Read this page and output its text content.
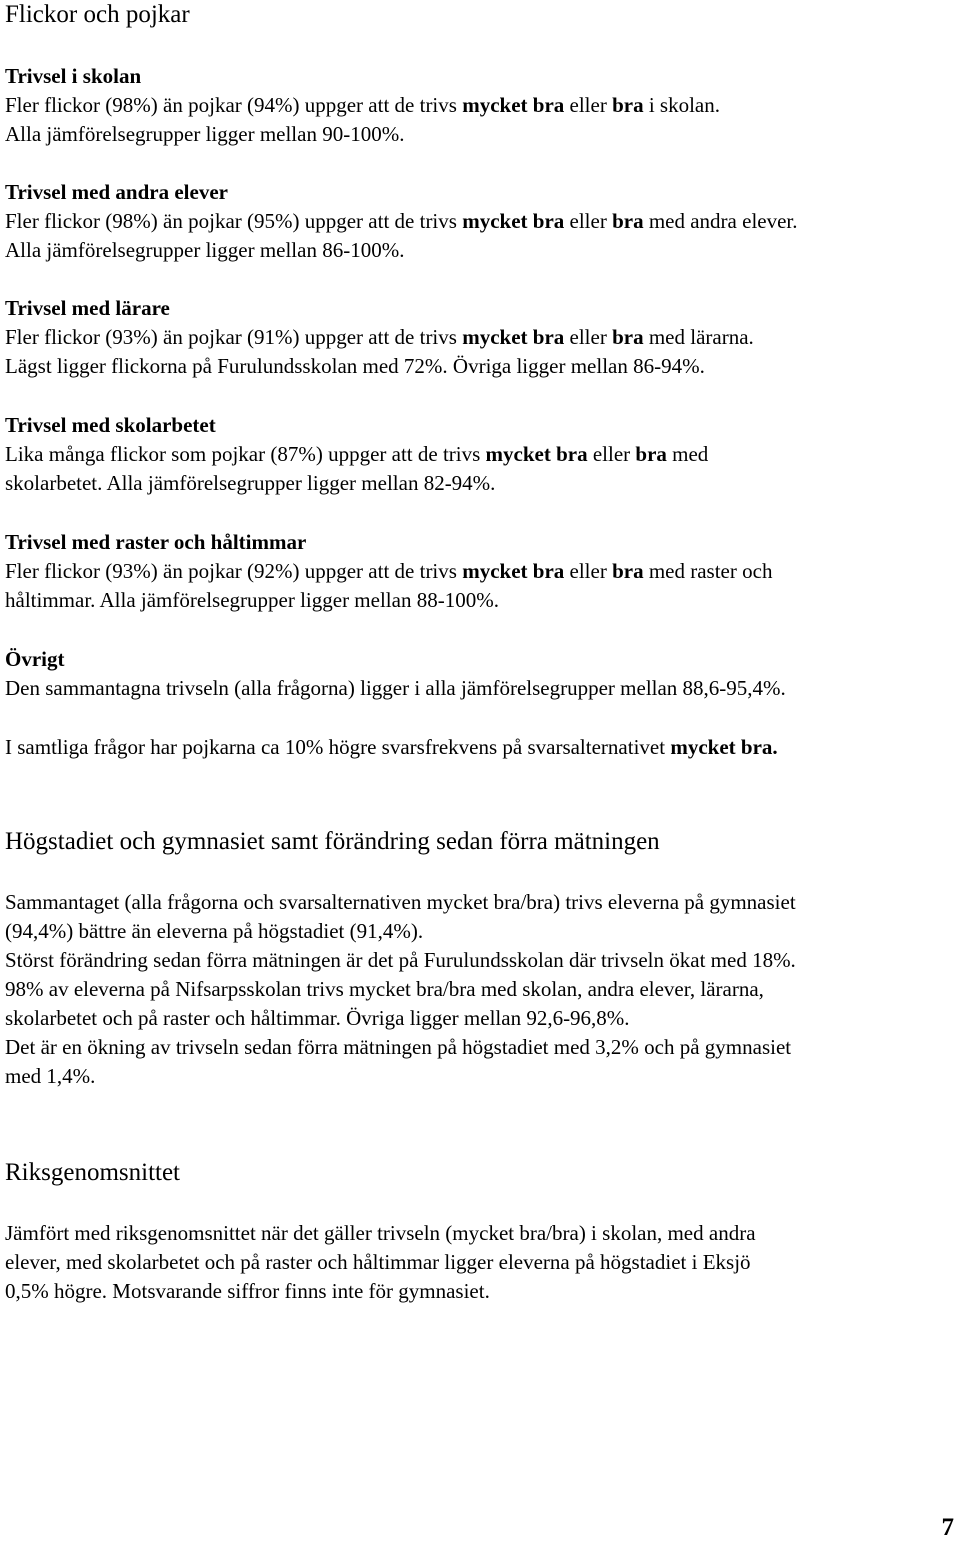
Flickor och pojkar
Trivsel i skolan
Fler flickor (98%) än pojkar (94%) uppger att de trivs mycket bra eller bra i skolan.
Alla jämförelsegrupper ligger mellan 90-100%.
Trivsel med andra elever
Fler flickor (98%) än pojkar (95%) uppger att de trivs mycket bra eller bra med andra elever.
Alla jämförelsegrupper ligger mellan 86-100%.
Trivsel med lärare
Fler flickor (93%) än pojkar (91%) uppger att de trivs mycket bra eller bra med lärarna.
Lägst ligger flickorna på Furulundsskolan med 72%. Övriga ligger mellan 86-94%.
Trivsel med skolarbetet
Lika många flickor som pojkar (87%) uppger att de trivs mycket bra eller bra med
skolarbetet. Alla jämförelsegrupper ligger mellan 82-94%.
Trivsel med raster och håltimmar
Fler flickor (93%) än pojkar (92%) uppger att de trivs mycket bra eller bra med raster och
håltimmar. Alla jämförelsegrupper ligger mellan 88-100%.
Övrigt
Den sammantagna trivseln (alla frågorna) ligger i alla jämförelsegrupper mellan 88,6-95,4%.
I samtliga frågor har pojkarna ca 10% högre svarsfrekvens på svarsalternativet mycket bra.
Högstadiet och gymnasiet samt förändring sedan förra mätningen
Sammantaget (alla frågorna och svarsalternativen mycket bra/bra) trivs eleverna på gymnasiet
(94,4%) bättre än eleverna på högstadiet (91,4%).
Störst förändring sedan förra mätningen är det på Furulundsskolan där trivseln ökat med 18%.
98% av eleverna på Nifsarpsskolan trivs mycket bra/bra med skolan, andra elever, lärarna,
skolarbetet och på raster och håltimmar. Övriga ligger mellan 92,6-96,8%.
Det är en ökning av trivseln sedan förra mätningen på högstadiet med 3,2% och på gymnasiet
med 1,4%.
Riksgenomsnittet
Jämfört med riksgenomsnittet när det gäller trivseln (mycket bra/bra) i skolan, med andra
elever, med skolarbetet och på raster och håltimmar ligger eleverna på högstadiet i Eksjö
0,5% högre. Motsvarande siffror finns inte för gymnasiet.
7
